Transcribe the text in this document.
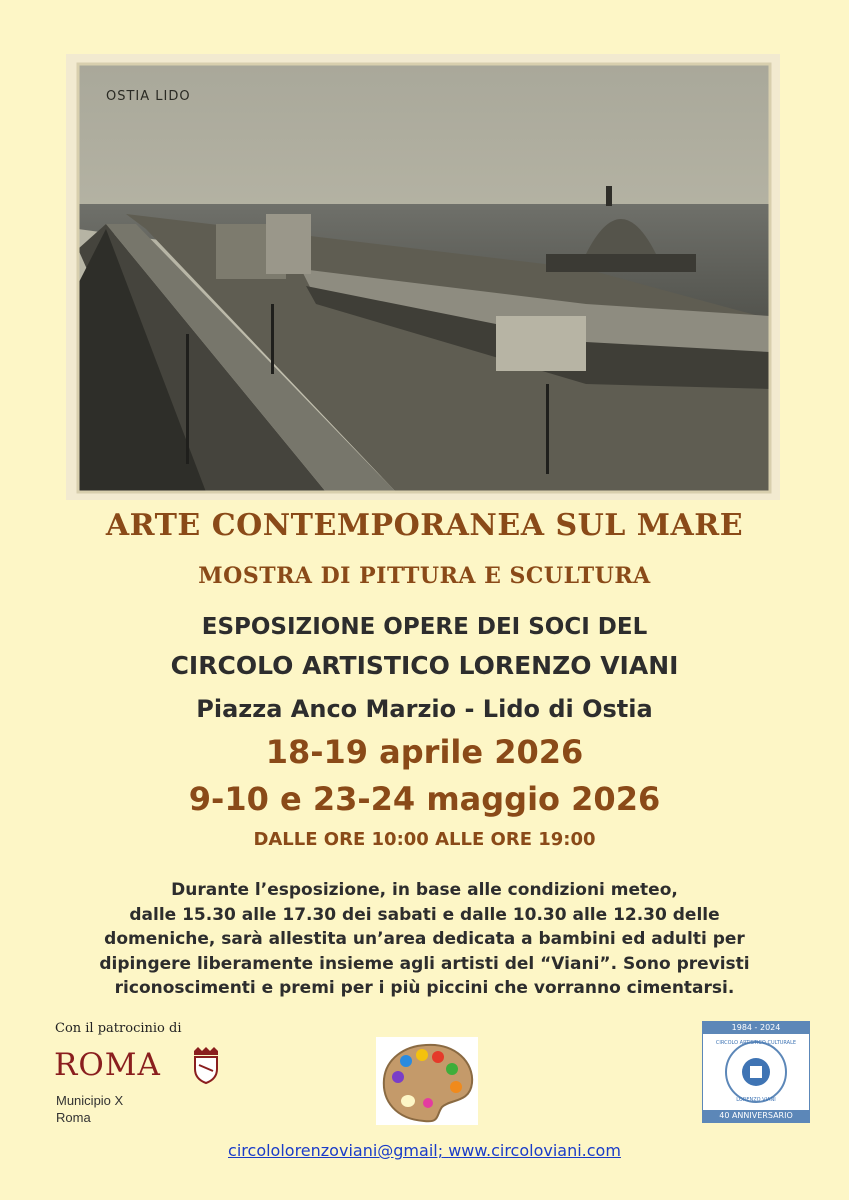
OSTIA LIDO
ARTE CONTEMPORANEA SUL MARE
MOSTRA DI PITTURA E SCULTURA
ESPOSIZIONE OPERE DEI SOCI DEL
CIRCOLO ARTISTICO LORENZO VIANI
Piazza Anco Marzio - Lido di Ostia
18-19 aprile 2026
9-10 e 23-24 maggio 2026
DALLE ORE 10:00 ALLE ORE 19:00
Durante l’esposizione, in base alle condizioni meteo,
dalle 15.30 alle 17.30 dei sabati e dalle 10.30 alle 12.30 delle
domeniche, sarà allestita un’area dedicata a bambini ed adulti per
dipingere liberamente insieme agli artisti del “Viani”. Sono previsti
riconoscimenti e premi per i più piccini che vorranno cimentarsi.
Con il patrocinio di
ROMA
Municipio X
Roma
1984 - 2024
CIRCOLO ARTISTICO CULTURALE
LORENZO VIANI
40 ANNIVERSARIO
circololorenzoviani@gmail; www.circoloviani.com
